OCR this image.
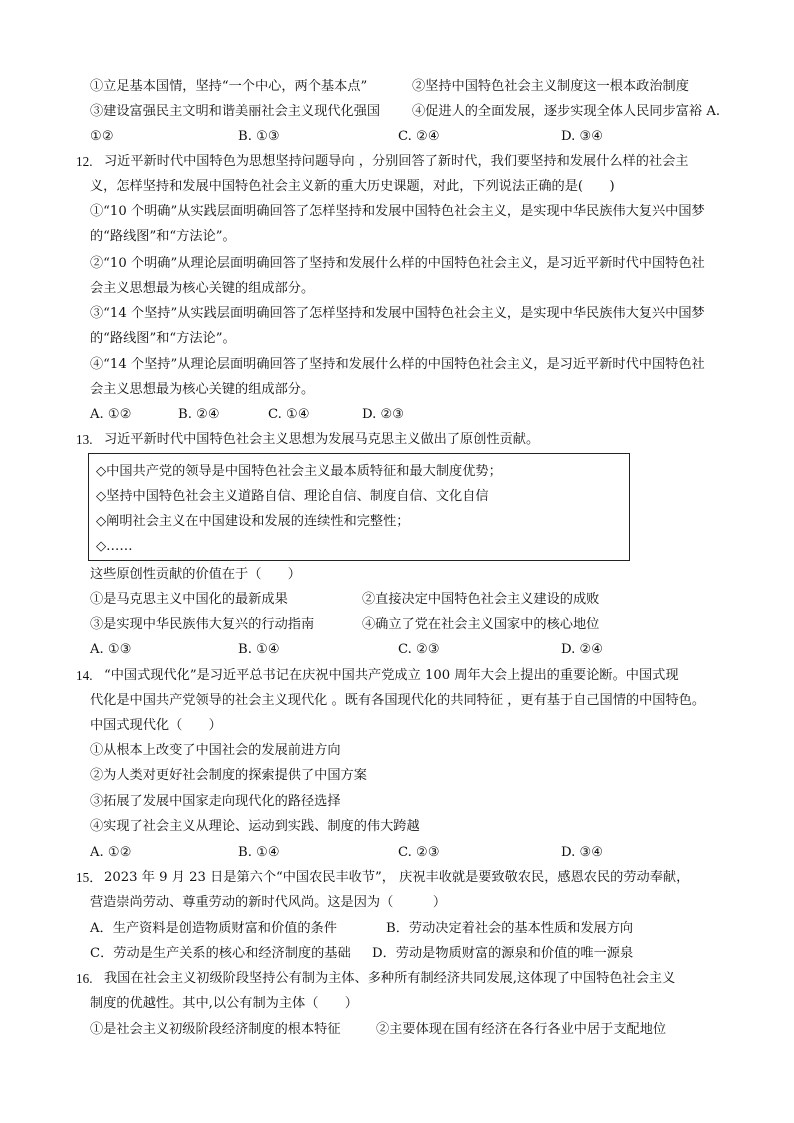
①立足基本国情，坚持“一个中心，两个基本点”	②坚持中国特色社会主义制度这一根本政治制度
③建设富强民主文明和谐美丽社会主义现代化强国 ④促进人的全面发展，逐步实现全体人民同步富裕 A.
①②	B. ①③	C. ②④	D. ③④
12. 习近平新时代中国特色为思想坚持问题导向 ，分别回答了新时代，我们要坚持和发展什么样的社会主
义，怎样坚持和发展中国特色社会主义新的重大历史课题，对此，下列说法正确的是(　　)
①“10 个明确”从实践层面明确回答了怎样坚持和发展中国特色社会主义，是实现中华民族伟大复兴中国梦
的“路线图”和“方法论”。
②“10 个明确”从理论层面明确回答了坚持和发展什么样的中国特色社会主义，是习近平新时代中国特色社
会主义思想最为核心关键的组成部分。
③“14 个坚持”从实践层面明确回答了怎样坚持和发展中国特色社会主义，是实现中华民族伟大复兴中国梦
的“路线图”和“方法论”。
④“14 个坚持”从理论层面明确回答了坚持和发展什么样的中国特色社会主义，是习近平新时代中国特色社
会主义思想最为核心关键的组成部分。
A. ①②	B. ②④	C. ①④	D. ②③
13. 习近平新时代中国特色社会主义思想为发展马克思主义做出了原创性贡献。
◇中国共产党的领导是中国特色社会主义最本质特征和最大制度优势；
◇坚持中国特色社会主义道路自信、理论自信、制度自信、文化自信
◇阐明社会主义在中国建设和发展的连续性和完整性；
◇……
这些原创性贡献的价值在于（　　）
①是马克思主义中国化的最新成果	②直接决定中国特色社会主义建设的成败
③是实现中华民族伟大复兴的行动指南	④确立了党在社会主义国家中的核心地位
A. ①③	B. ①④	C. ②③	D. ②④
14. “中国式现代化”是习近平总书记在庆祝中国共产党成立 100 周年大会上提出的重要论断。中国式现
代化是中国共产党领导的社会主义现代化 。既有各国现代化的共同特征 ，更有基于自己国情的中国特色。
中国式现代化（　　）
①从根本上改变了中国社会的发展前进方向
②为人类对更好社会制度的探索提供了中国方案
③拓展了发展中国家走向现代化的路径选择
④实现了社会主义从理论、运动到实践、制度的伟大跨越
A. ①②	B. ①④	C. ②③	D. ③④
15． 2023 年 9 月 23 日是第六个“中国农民丰收节”， 庆祝丰收就是要致敬农民，感恩农民的劳动奉献，
营造崇尚劳动、尊重劳动的新时代风尚。这是因为（　　　）
A．生产资料是创造物质财富和价值的条件	B．劳动决定着社会的基本性质和发展方向
C．劳动是生产关系的核心和经济制度的基础 D．劳动是物质财富的源泉和价值的唯一源泉
16. 我国在社会主义初级阶段坚持公有制为主体、多种所有制经济共同发展,这体现了中国特色社会主义
制度的优越性。其中,以公有制为主体（　　）
①是社会主义初级阶段经济制度的根本特征	②主要体现在国有经济在各行各业中居于支配地位
